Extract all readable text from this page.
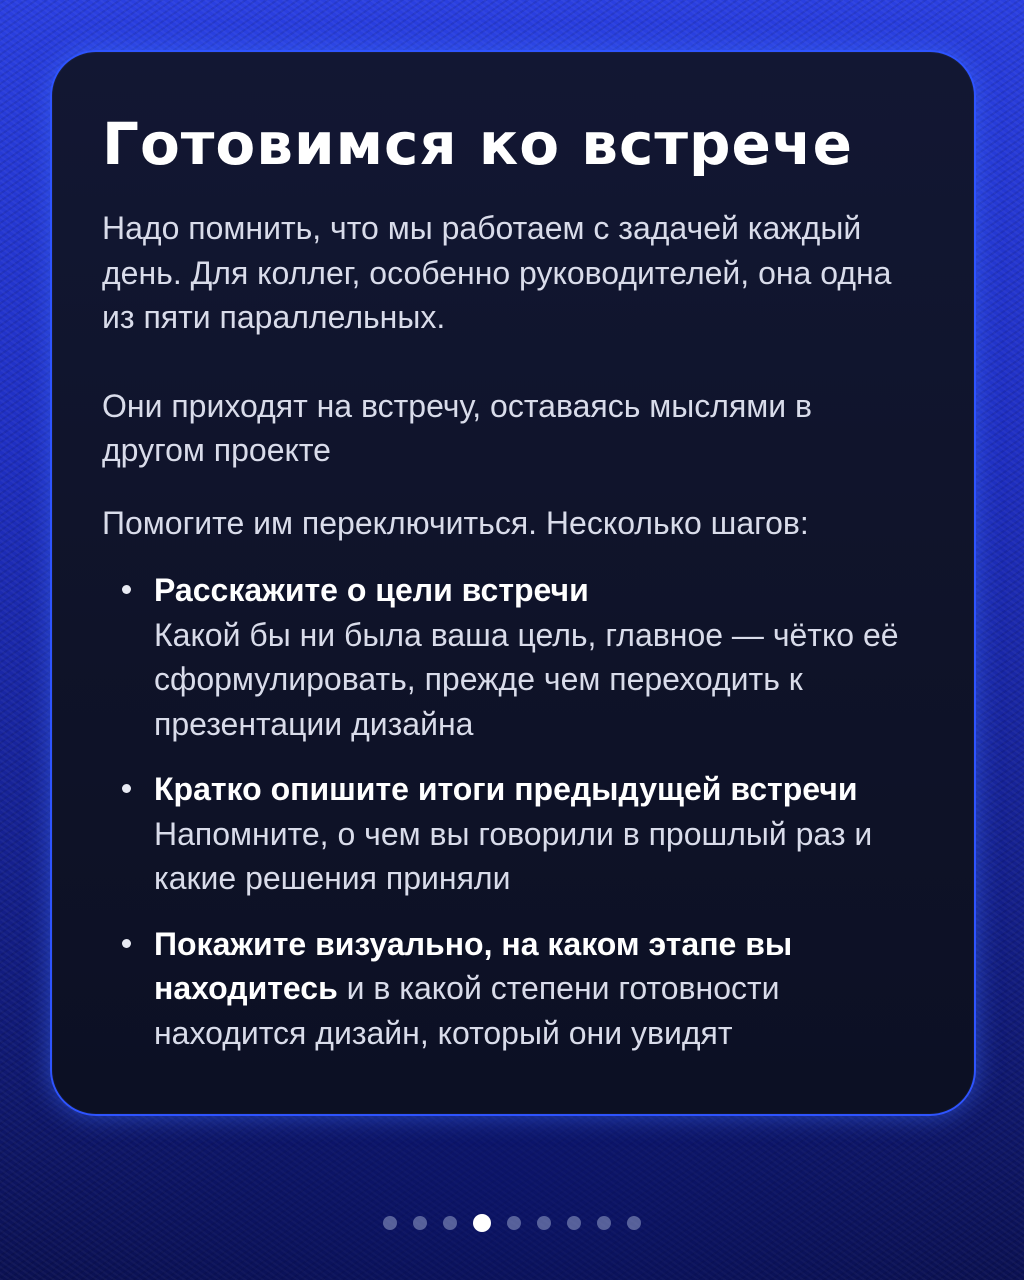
Готовимся ко встрече

Надо помнить, что мы работаем с задачей каждый день. Для коллег, особенно руководителей, она одна из пяти параллельных.

Они приходят на встречу, оставаясь мыслями в другом проекте

Помогите им переключиться. Несколько шагов:

Расскажите о цели встречи
Какой бы ни была ваша цель, главное — чётко её сформулировать, прежде чем переходить к презентации дизайна
Кратко опишите итоги предыдущей встречи
Напомните, о чем вы говорили в прошлый раз и какие решения приняли
Покажите визуально, на каком этапе вы находитесь и в какой степени готовности находится дизайн, который они увидят
